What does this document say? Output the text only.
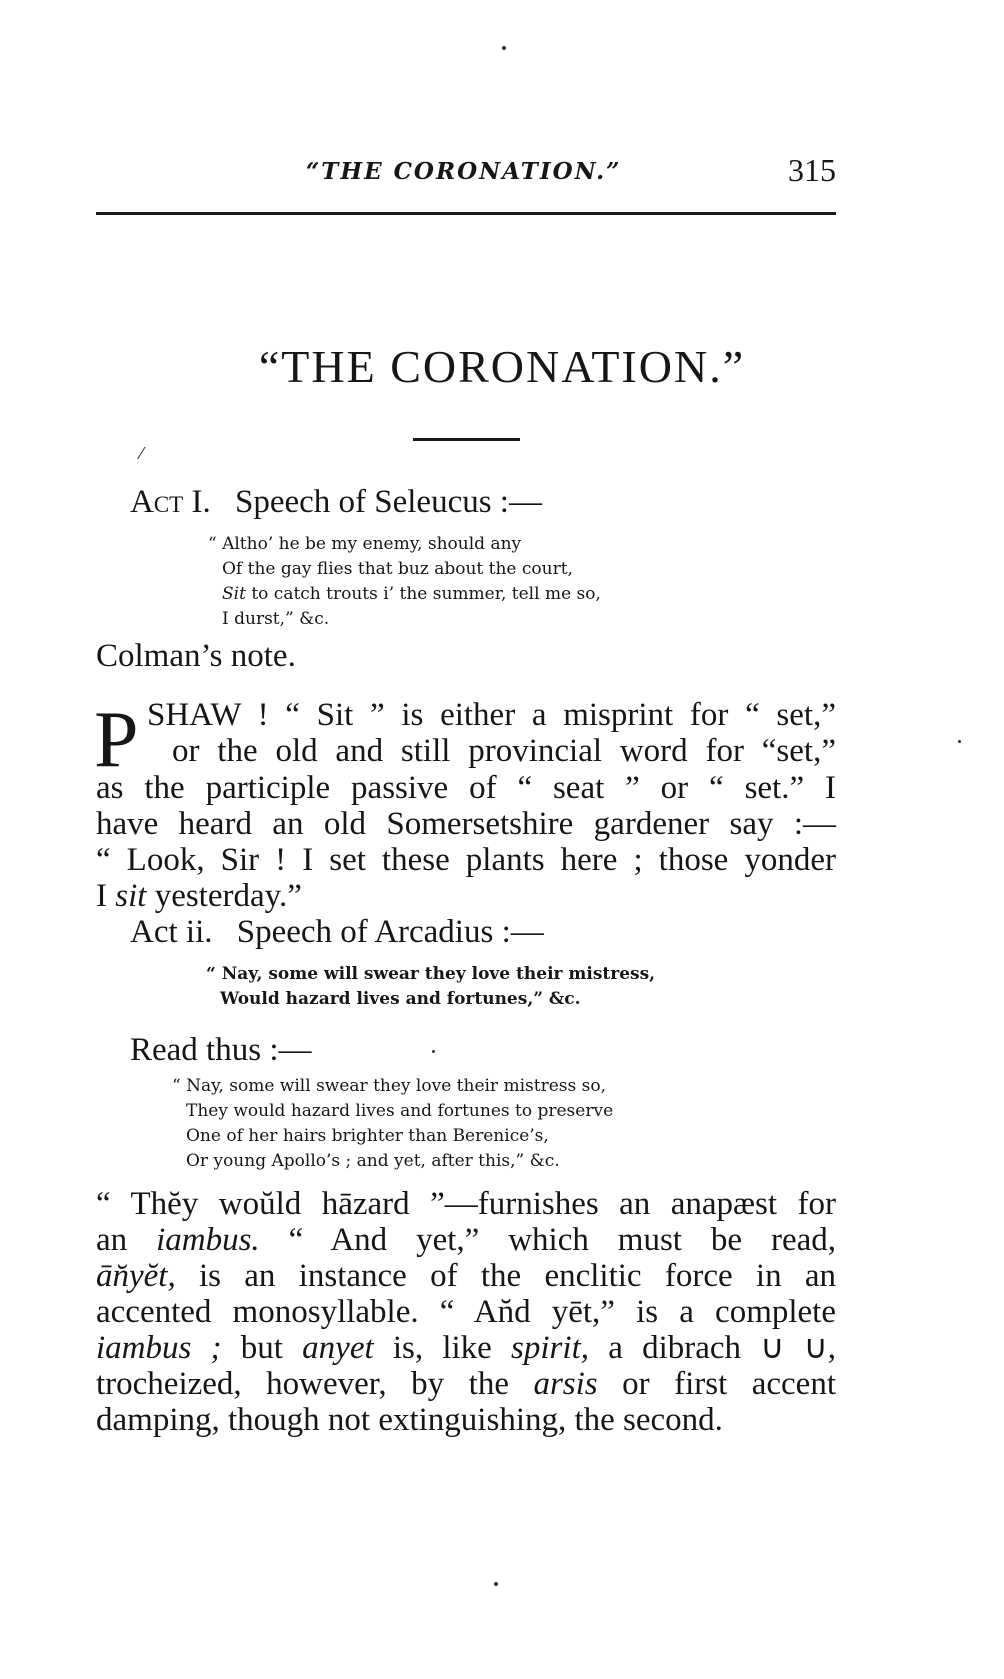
“THE CORONATION.”	315
“THE CORONATION.”
⁄
Act I. Speech of Seleucus :—
“ Altho’ he be my enemy, should any
Of the gay flies that buz about the court,
Sit to catch trouts i’ the summer, tell me so,
I durst,” &c.
Colman’s note.
P SHAW ! “ Sit ” is either a misprint for “ set,”
or the old and still provincial word for “set,”
as the participle passive of “ seat ” or “ set.” I
have heard an old Somersetshire gardener say :—
“ Look, Sir ! I set these plants here ; those yonder
I sit yesterday.”
Act ii. Speech of Arcadius :—
“ Nay, some will swear they love their mistress,
Would hazard lives and fortunes,” &c.
Read thus :—
“ Nay, some will swear they love their mistress so,
They would hazard lives and fortunes to preserve
One of her hairs brighter than Berenice’s,
Or young Apollo’s ; and yet, after this,” &c.
“ Thĕy woŭld hāzard ”—furnishes an anapæst for
an iambus. “ And yet,” which must be read,
ān̆yĕt, is an instance of the enclitic force in an
accented monosyllable. “ An̆d yēt,” is a complete
iambus ; but anyet is, like spirit, a dibrach ∪ ∪,
trocheized, however, by the arsis or first accent
damping, though not extinguishing, the second.
